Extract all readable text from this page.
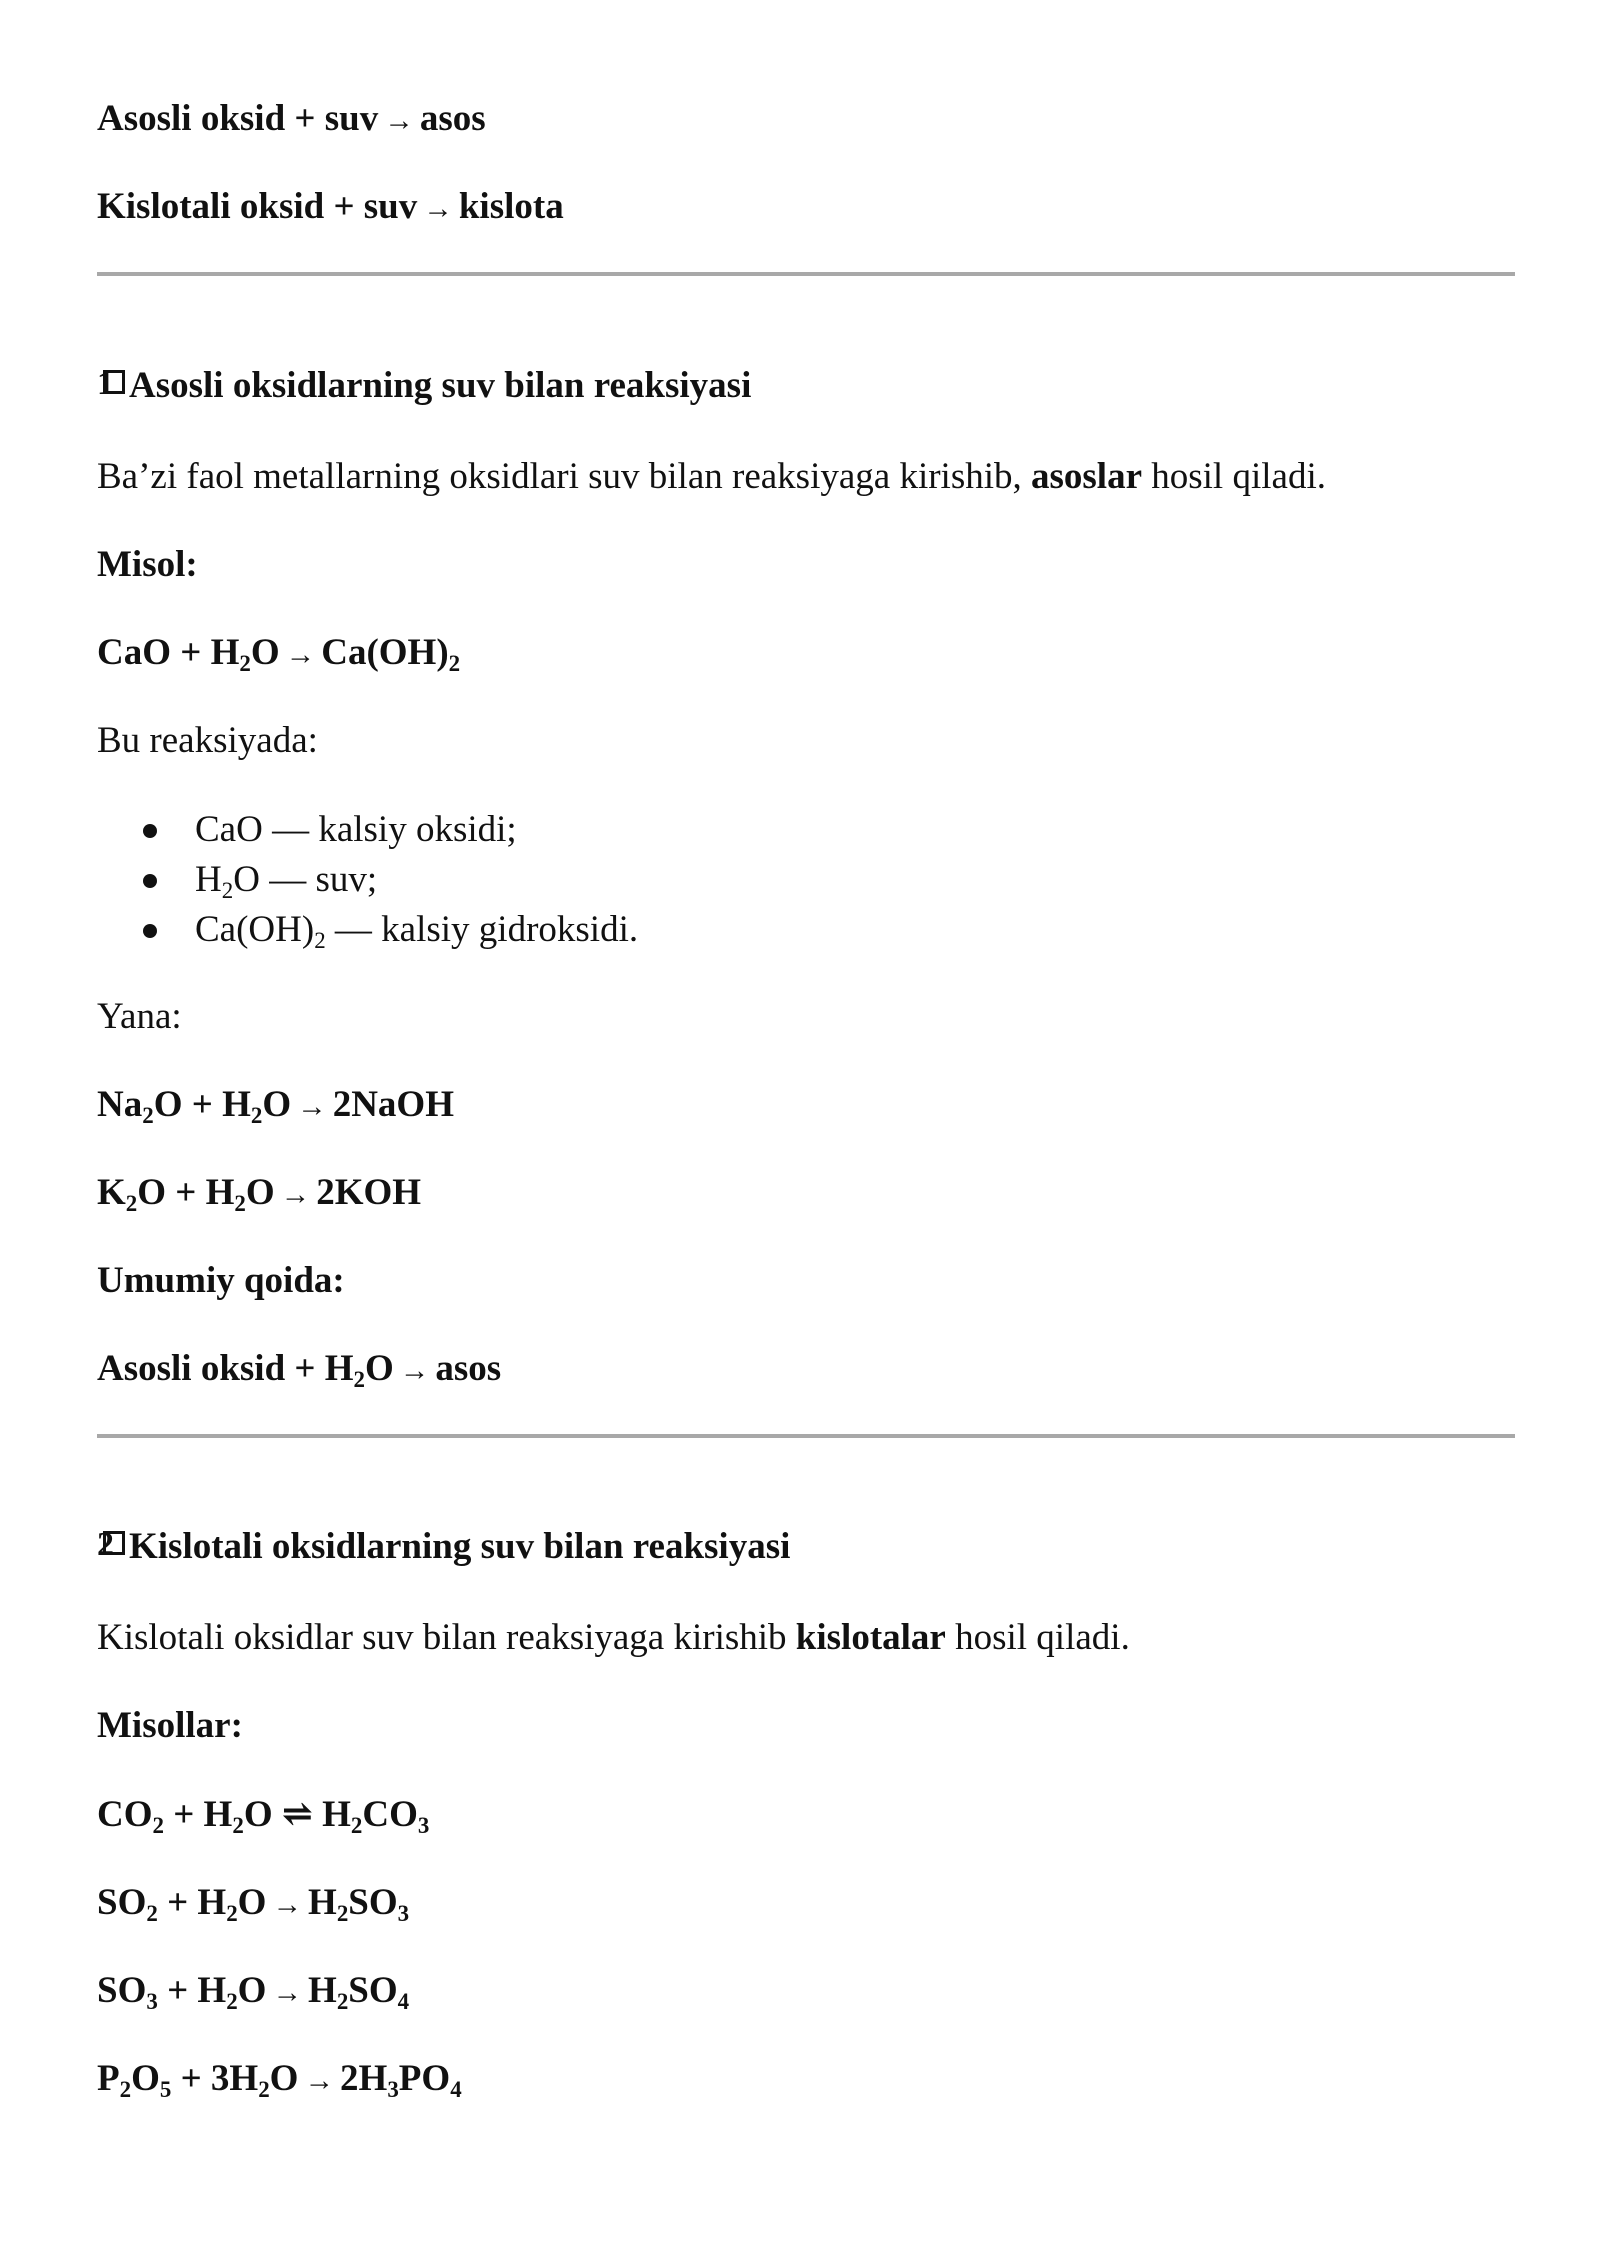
Asosli oksid + suv → asos
Kislotali oksid + suv → kislota
1 Asosli oksidlarning suv bilan reaksiyasi
Ba’zi faol metallarning oksidlari suv bilan reaksiyaga kirishib, asoslar hosil qiladi.
Misol:
CaO + $H_2O \to Ca(OH)_2$
Bu reaksiyada:
CaO — kalsiy oksidi;
$H_2O$ — suv;
$Ca(OH)_2$ — kalsiy gidroksidi.
Yana:
$Na_2O + H_2O$ → 2NaOH
$K_2O + H_2O \to 2KOH$
Umumiy qoida:
Asosli oksid + $H_2O$ → asos
2 Kislotali oksidlarning suv bilan reaksiyasi
Kislotali oksidlar suv bilan reaksiyaga kirishib kislotalar hosil qiladi.
Misollar:
$CO_2 + H_2O$ ⇌ $H_2CO_3$
$SO_2 + H_2O \to H_2SO_3$
$SO_3 + H_2O \to H_2SO_4$
$P_2O_5 + 3H_2O \to 2H_3PO_4$
